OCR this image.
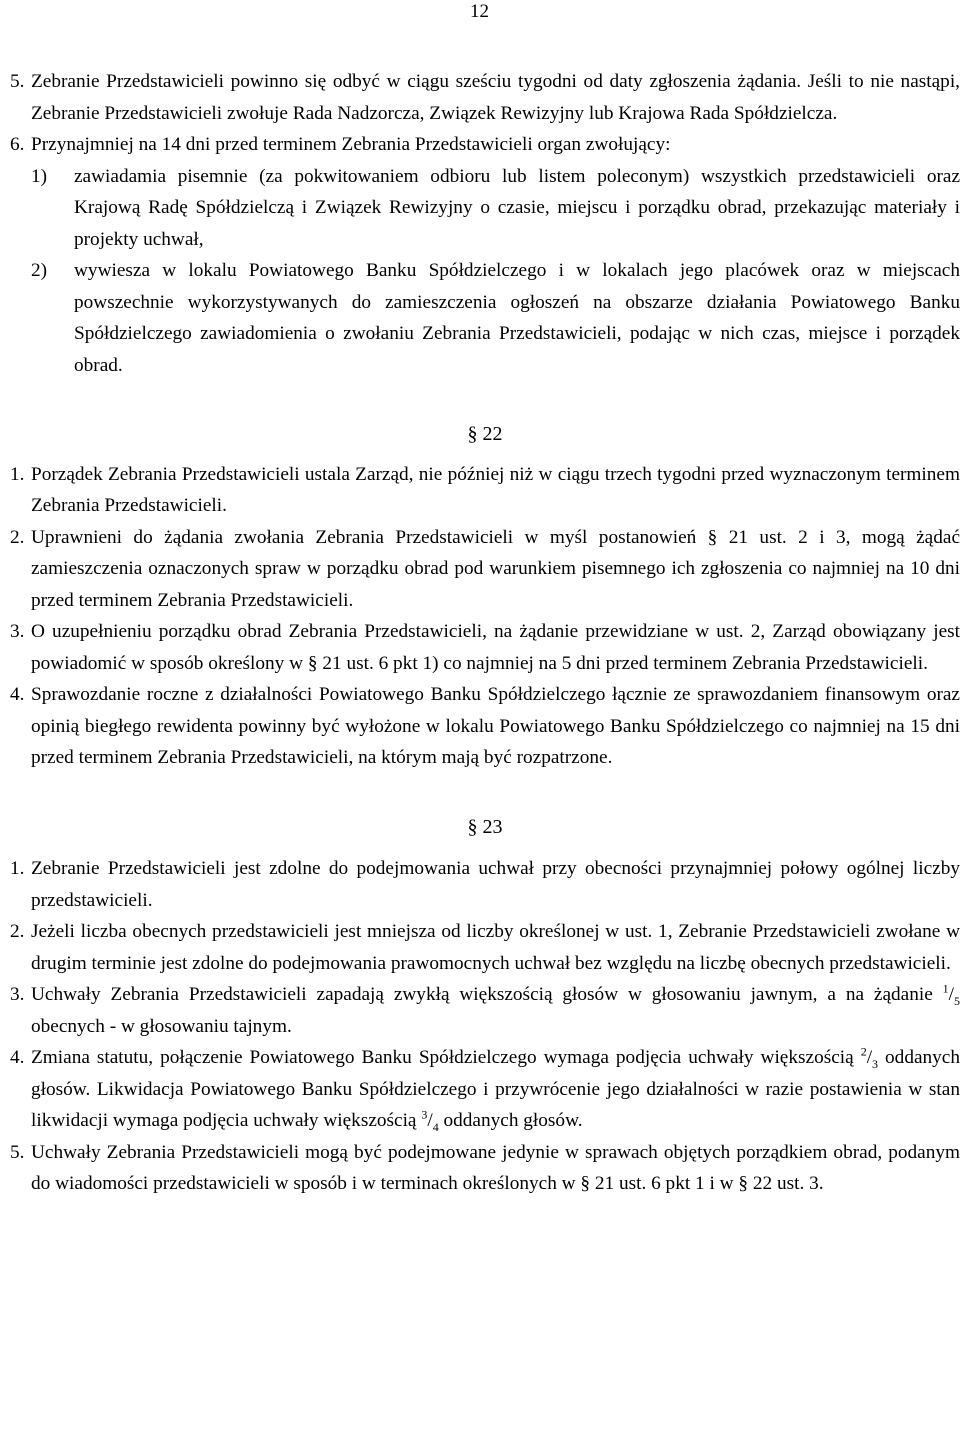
12
5. Zebranie Przedstawicieli powinno się odbyć w ciągu sześciu tygodni od daty zgłoszenia żądania. Jeśli to nie nastąpi, Zebranie Przedstawicieli zwołuje Rada Nadzorcza, Związek Rewizyjny lub Krajowa Rada Spółdzielcza.
6. Przynajmniej na 14 dni przed terminem Zebrania Przedstawicieli organ zwołujący:
1)	zawiadamia pisemnie (za pokwitowaniem odbioru lub listem poleconym) wszystkich przedstawicieli oraz Krajową Radę Spółdzielczą i Związek Rewizyjny o czasie, miejscu i porządku obrad, przekazując materiały i projekty uchwał,
2)	wywiesza w lokalu Powiatowego Banku Spółdzielczego i w lokalach jego placówek oraz w miejscach powszechnie wykorzystywanych do zamieszczenia ogłoszeń na obszarze działania Powiatowego Banku Spółdzielczego zawiadomienia o zwołaniu Zebrania Przedstawicieli, podając w nich czas, miejsce i porządek obrad.

§ 22

1. Porządek Zebrania Przedstawicieli ustala Zarząd, nie później niż w ciągu trzech tygodni przed wyznaczonym terminem Zebrania Przedstawicieli.
2. Uprawnieni do żądania zwołania Zebrania Przedstawicieli w myśl postanowień § 21 ust. 2 i 3, mogą żądać zamieszczenia oznaczonych spraw w porządku obrad pod warunkiem pisemnego ich zgłoszenia co najmniej na 10 dni przed terminem Zebrania Przedstawicieli.
3. O uzupełnieniu porządku obrad Zebrania Przedstawicieli, na żądanie przewidziane w ust. 2, Zarząd obowiązany jest powiadomić w sposób określony w § 21 ust. 6 pkt 1) co najmniej na 5 dni przed terminem Zebrania Przedstawicieli.
4. Sprawozdanie roczne z działalności Powiatowego Banku Spółdzielczego łącznie ze sprawozdaniem finansowym oraz opinią biegłego rewidenta powinny być wyłożone w lokalu Powiatowego Banku Spółdzielczego co najmniej na 15 dni przed terminem Zebrania Przedstawicieli, na którym mają być rozpatrzone.

§ 23

1. Zebranie Przedstawicieli jest zdolne do podejmowania uchwał przy obecności przynajmniej połowy ogólnej liczby przedstawicieli.
2. Jeżeli liczba obecnych przedstawicieli jest mniejsza od liczby określonej w ust. 1, Zebranie Przedstawicieli zwołane w drugim terminie jest zdolne do podejmowania prawomocnych uchwał bez względu na liczbę obecnych przedstawicieli.
3. Uchwały Zebrania Przedstawicieli zapadają zwykłą większością głosów w głosowaniu jawnym, a na żądanie $^1/_5$ obecnych - w głosowaniu tajnym.
4. Zmiana statutu, połączenie Powiatowego Banku Spółdzielczego wymaga podjęcia uchwały większością $^2/_3$ oddanych głosów. Likwidacja Powiatowego Banku Spółdzielczego i przywrócenie jego działalności w razie postawienia w stan likwidacji wymaga podjęcia uchwały większością $^3/_4$ oddanych głosów.
5. Uchwały Zebrania Przedstawicieli mogą być podejmowane jedynie w sprawach objętych porządkiem obrad, podanym do wiadomości przedstawicieli w sposób i w terminach określonych w § 21 ust. 6 pkt 1 i w § 22 ust. 3.
